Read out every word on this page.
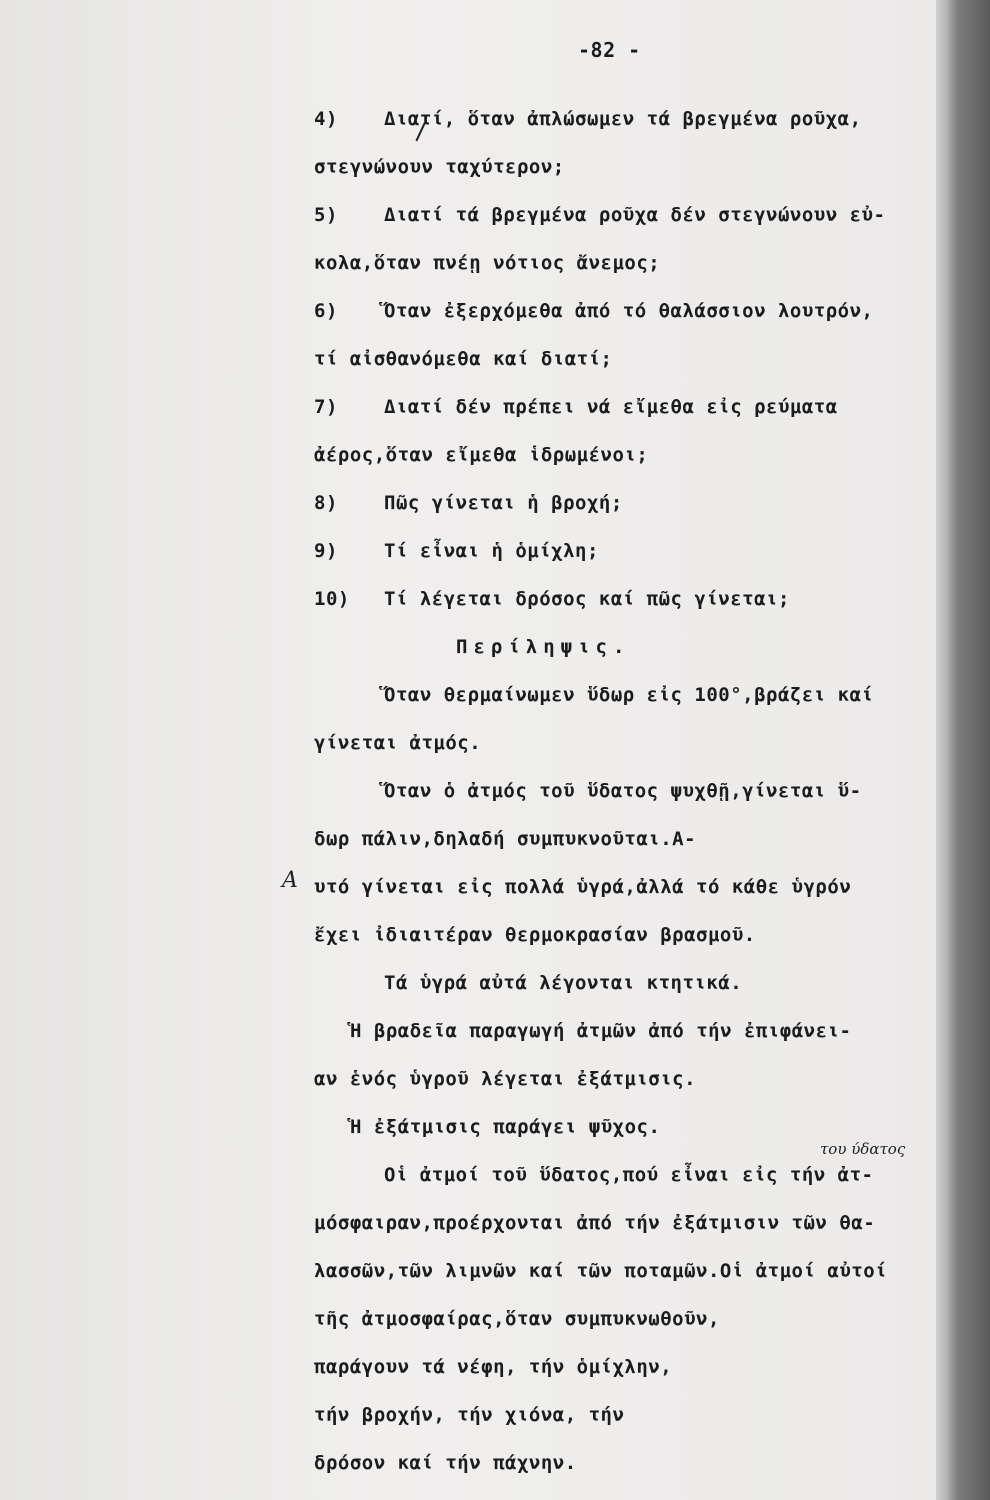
-82 -
4) Διατί, ὅταν ἀπλώσωμεν τά βρεγμένα ροῦχα,
στεγνώνουν ταχύτερον;
5) Διατί τά βρεγμένα ροῦχα δέν στεγνώνουν εὐ-
κολα,ὅταν πνέῃ νότιος ἄνεμος;
6) Ὅταν ἐξερχόμεθα ἀπό τό θαλάσσιον λουτρόν,
τί αἰσθανόμεθα καί διατί;
7) Διατί δέν πρέπει νά εἴμεθα εἰς ρεύματα
ἀέρος,ὅταν εἴμεθα ἱδρωμένοι;
8) Πῶς γίνεται ἡ βροχή;
9) Τί εἶναι ἡ ὁμίχλη;
10) Τί λέγεται δρόσος καί πῶς γίνεται;
Περίληψις.
Ὅταν θερμαίνωμεν ὕδωρ εἰς 100°,βράζει καί
γίνεται ἀτμός.
Ὅταν ὁ ἀτμός τοῦ ὕδατος ψυχθῇ,γίνεται ὕ-
δωρ πάλιν,δηλαδή συμπυκνοῦται.Α-
υτό γίνεται εἰς πολλά ὑγρά,ἀλλά τό κάθε ὑγρόν
ἔχει ἰδιαιτέραν θερμοκρασίαν βρασμοῦ.
Τά ὑγρά αὐτά λέγονται κτητικά.
Ἡ βραδεῖα παραγωγή ἀτμῶν ἀπό τήν ἐπιφάνει-
αν ἑνός ὑγροῦ λέγεται ἐξάτμισις.
Ἡ ἐξάτμισις παράγει ψῦχος.
Οἱ ἀτμοί τοῦ ὕδατος,πού εἶναι εἰς τήν ἀτ-
μόσφαιραν,προέρχονται ἀπό τήν ἐξάτμισιν τῶν θα-
λασσῶν,τῶν λιμνῶν καί τῶν ποταμῶν.Οἱ ἀτμοί αὐτοί
τῆς ἀτμοσφαίρας,ὅταν συμπυκνωθοῦν,
παράγουν τά νέφη, τήν ὁμίχλην,
τήν βροχήν, τήν χιόνα, τήν
δρόσον καί τήν πάχνην.
Α
του ύδατος
